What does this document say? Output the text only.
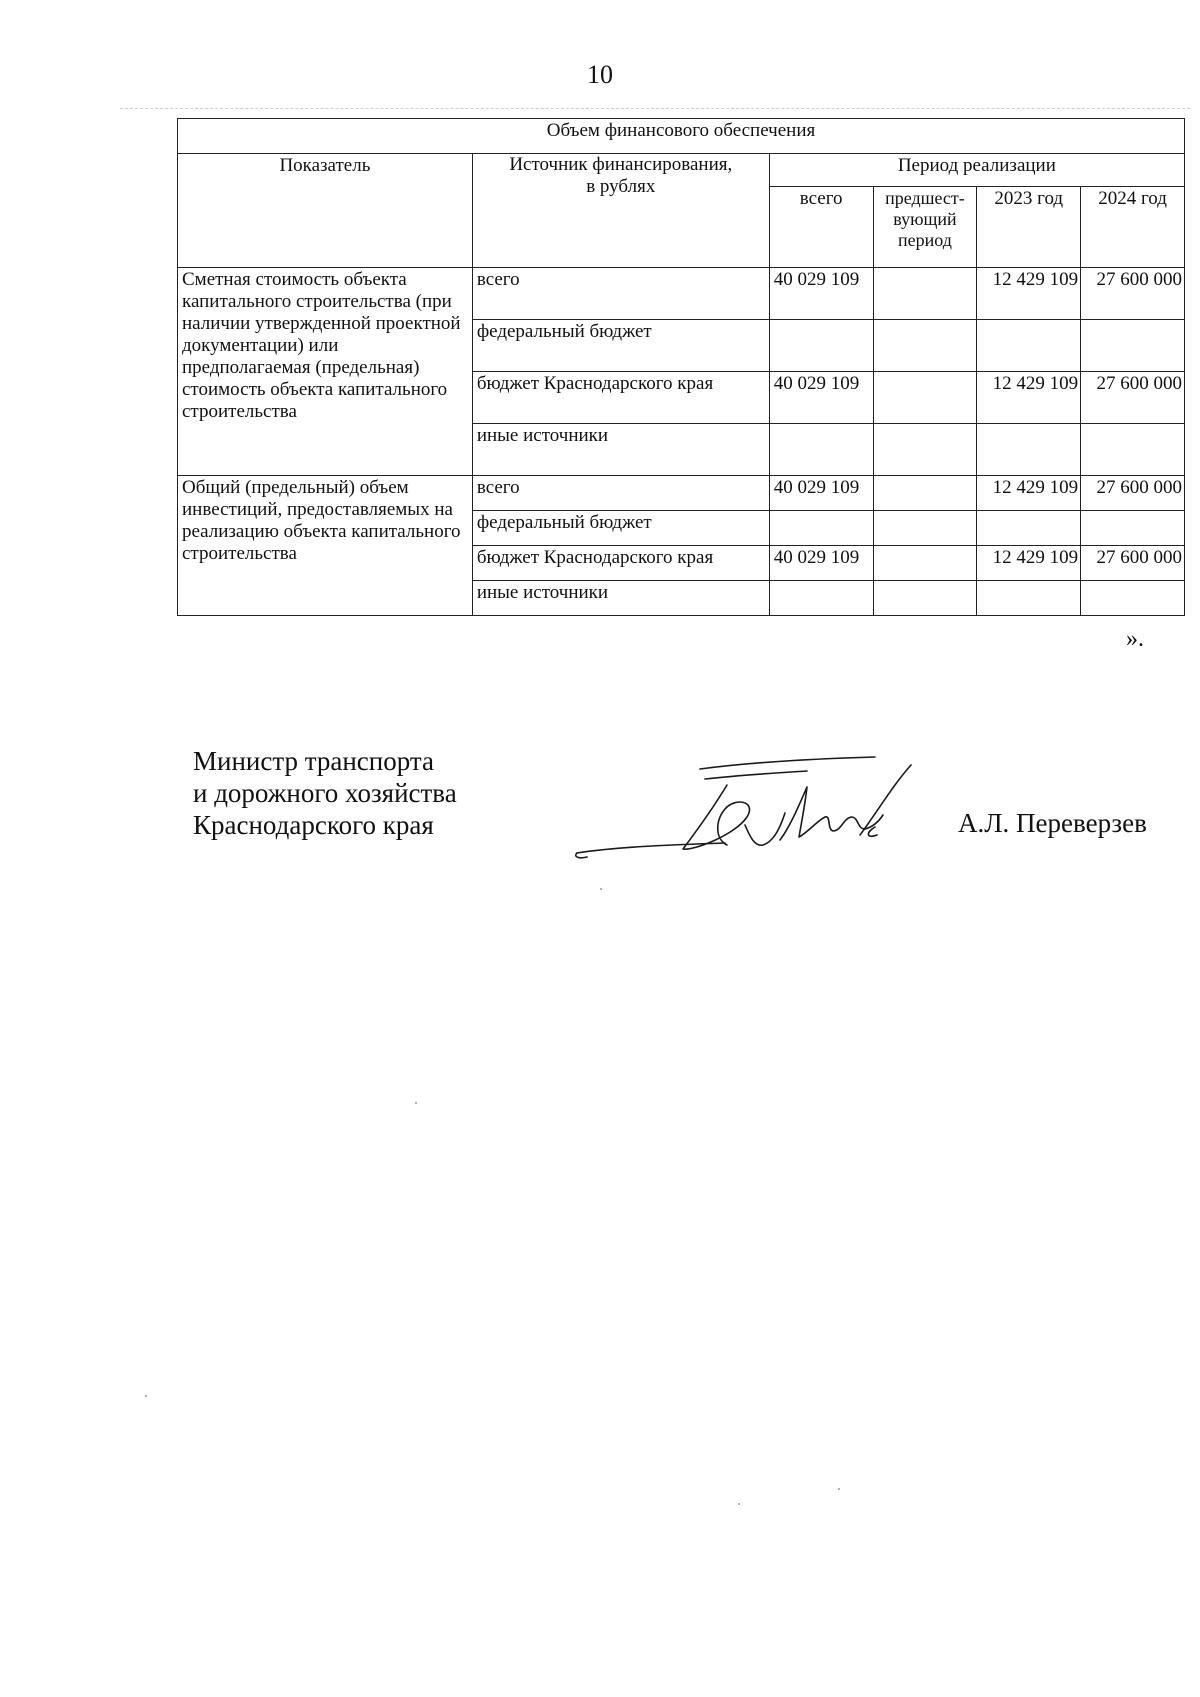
10
Объем финансового обеспечения					
Показатель	Источник финансирования, в рублях	Период реализации			
		всего	предшест-вующий период	2023 год	2024 год
Сметная стоимость объекта капитального строительства (при наличии утвержденной проектной документации) или предполагаемая (предельная) стоимость объекта капитального строительства	всего	40 029 109		12 429 109	27 600 000
	федеральный бюджет				
	бюджет Краснодарского края	40 029 109		12 429 109	27 600 000
	иные источники				
Общий (предельный) объем инвестиций, предоставляемых на реализацию объекта капитального строительства	всего	40 029 109		12 429 109	27 600 000
	федеральный бюджет				
	бюджет Краснодарского края	40 029 109		12 429 109	27 600 000
	иные источники				
».
Министр транспорта
и дорожного хозяйства
Краснодарского края	А.Л. Переверзев
